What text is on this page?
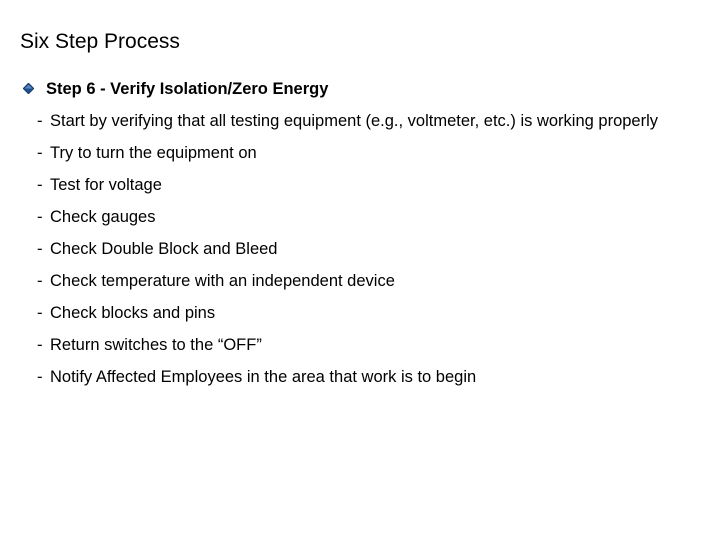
Six Step Process
Step 6 - Verify Isolation/Zero Energy
- Start by verifying that all testing equipment (e.g., voltmeter, etc.) is working properly
- Try to turn the equipment on
- Test for voltage
- Check gauges
- Check Double Block and Bleed
- Check temperature with an independent device
- Check blocks and pins
- Return switches to the “OFF”
- Notify Affected Employees in the area that work is to begin
